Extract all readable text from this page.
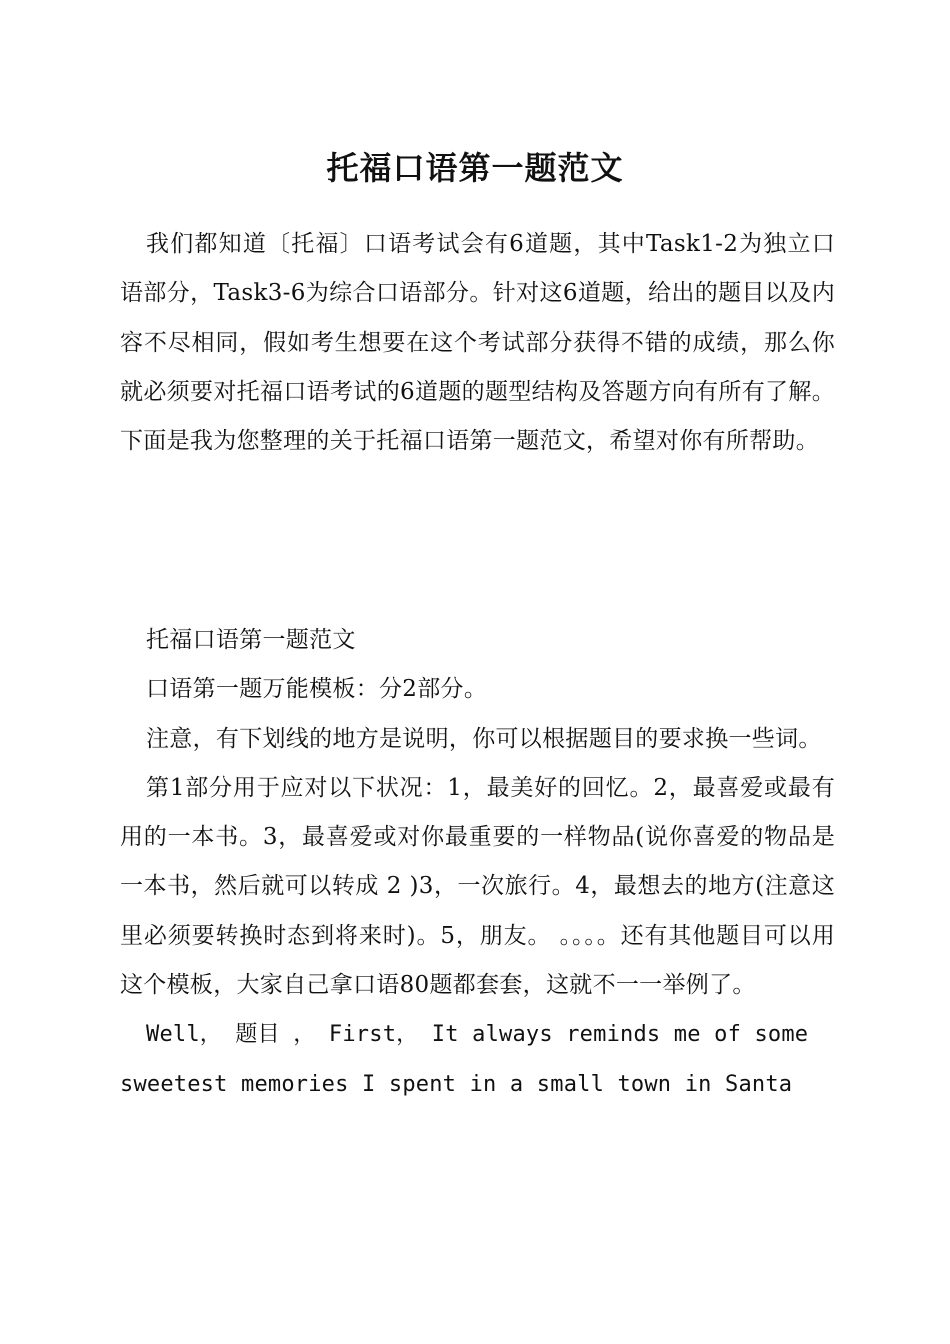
托福口语第一题范文

我们都知道〔托福〕口语考试会有6道题，其中Task1-2为独立口语部分，Task3-6为综合口语部分。针对这6道题，给出的题目以及内容不尽相同，假如考生想要在这个考试部分获得不错的成绩，那么你就必须要对托福口语考试的6道题的题型结构及答题方向有所有了解。下面是我为您整理的关于托福口语第一题范文，希望对你有所帮助。

托福口语第一题范文

口语第一题万能模板：分2部分。

注意，有下划线的地方是说明，你可以根据题目的要求换一些词。

第1部分用于应对以下状况：1，最美好的回忆。2，最喜爱或最有用的一本书。3，最喜爱或对你最重要的一样物品(说你喜爱的物品是一本书，然后就可以转成 2 )3，一次旅行。4，最想去的地方(注意这里必须要转换时态到将来时)。5，朋友。 。。。。还有其他题目可以用这个模板，大家自己拿口语80题都套套，这就不一一举例了。

Well， 题目 ， First， It always reminds me of some sweetest memories I spent in a small town in Santa
